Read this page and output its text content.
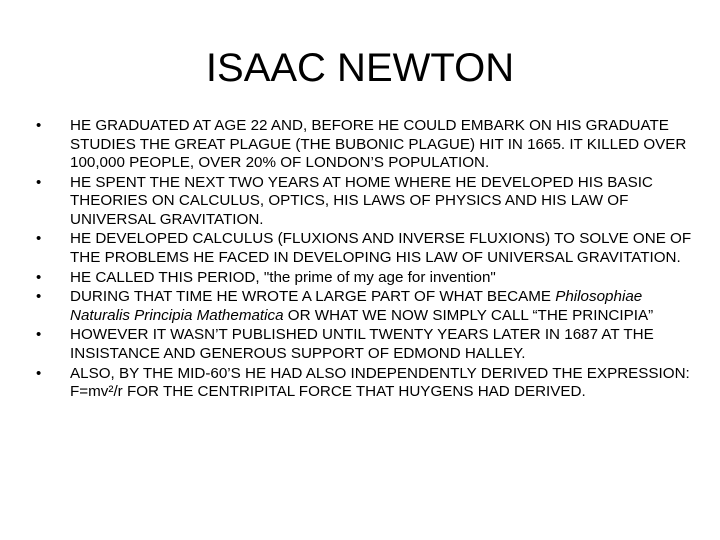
ISAAC NEWTON
•	HE GRADUATED AT AGE 22 AND, BEFORE HE COULD EMBARK ON HIS GRADUATE STUDIES THE GREAT PLAGUE (THE BUBONIC PLAGUE) HIT IN 1665. IT KILLED OVER 100,000 PEOPLE, OVER 20% OF LONDON’S POPULATION.
•	HE SPENT THE NEXT TWO YEARS AT HOME WHERE HE DEVELOPED HIS BASIC THEORIES ON CALCULUS, OPTICS, HIS LAWS OF PHYSICS AND HIS LAW OF UNIVERSAL GRAVITATION.
•	HE DEVELOPED CALCULUS (FLUXIONS AND INVERSE FLUXIONS) TO SOLVE ONE OF THE PROBLEMS HE FACED IN DEVELOPING HIS LAW OF UNIVERSAL GRAVITATION.
•	HE CALLED THIS PERIOD, "the prime of my age for invention"
•	DURING THAT TIME HE WROTE A LARGE PART OF WHAT BECAME Philosophiae Naturalis Principia Mathematica OR WHAT WE NOW SIMPLY CALL “THE PRINCIPIA”
•	HOWEVER IT WASN’T PUBLISHED UNTIL TWENTY YEARS LATER IN 1687 AT THE INSISTANCE AND GENEROUS SUPPORT OF EDMOND HALLEY.
•	ALSO, BY THE MID-60’S HE HAD ALSO INDEPENDENTLY DERIVED THE EXPRESSION: F=mv²/r FOR THE CENTRIPITAL FORCE THAT HUYGENS HAD DERIVED.
